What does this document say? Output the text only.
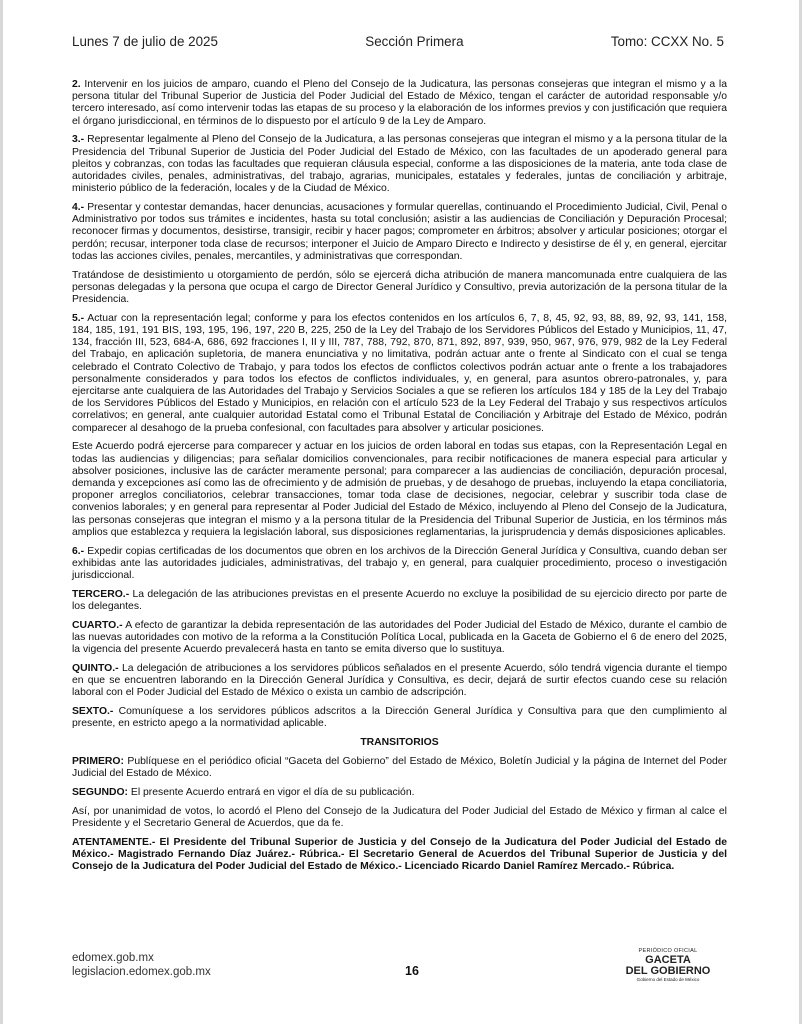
Lunes 7 de julio de 2025	Sección Primera	Tomo: CCXX No. 5

2. Intervenir en los juicios de amparo, cuando el Pleno del Consejo de la Judicatura, las personas consejeras que integran el mismo y a la persona titular del Tribunal Superior de Justicia del Poder Judicial del Estado de México, tengan el carácter de autoridad responsable y/o tercero interesado, así como intervenir todas las etapas de su proceso y la elaboración de los informes previos y con justificación que requiera el órgano jurisdiccional, en términos de lo dispuesto por el artículo 9 de la Ley de Amparo.

3.- Representar legalmente al Pleno del Consejo de la Judicatura, a las personas consejeras que integran el mismo y a la persona titular de la Presidencia del Tribunal Superior de Justicia del Poder Judicial del Estado de México, con las facultades de un apoderado general para pleitos y cobranzas, con todas las facultades que requieran cláusula especial, conforme a las disposiciones de la materia, ante toda clase de autoridades civiles, penales, administrativas, del trabajo, agrarias, municipales, estatales y federales, juntas de conciliación y arbitraje, ministerio público de la federación, locales y de la Ciudad de México.

4.- Presentar y contestar demandas, hacer denuncias, acusaciones y formular querellas, continuando el Procedimiento Judicial, Civil, Penal o Administrativo por todos sus trámites e incidentes, hasta su total conclusión; asistir a las audiencias de Conciliación y Depuración Procesal; reconocer firmas y documentos, desistirse, transigir, recibir y hacer pagos; comprometer en árbitros; absolver y articular posiciones; otorgar el perdón; recusar, interponer toda clase de recursos; interponer el Juicio de Amparo Directo e Indirecto y desistirse de él y, en general, ejercitar todas las acciones civiles, penales, mercantiles, y administrativas que correspondan.

Tratándose de desistimiento u otorgamiento de perdón, sólo se ejercerá dicha atribución de manera mancomunada entre cualquiera de las personas delegadas y la persona que ocupa el cargo de Director General Jurídico y Consultivo, previa autorización de la persona titular de la Presidencia.

5.- Actuar con la representación legal; conforme y para los efectos contenidos en los artículos 6, 7, 8, 45, 92, 93, 88, 89, 92, 93, 141, 158, 184, 185, 191, 191 BIS, 193, 195, 196, 197, 220 B, 225, 250 de la Ley del Trabajo de los Servidores Públicos del Estado y Municipios, 11, 47, 134, fracción III, 523, 684-A, 686, 692 fracciones I, II y III, 787, 788, 792, 870, 871, 892, 897, 939, 950, 967, 976, 979, 982 de la Ley Federal del Trabajo, en aplicación supletoria, de manera enunciativa y no limitativa, podrán actuar ante o frente al Sindicato con el cual se tenga celebrado el Contrato Colectivo de Trabajo, y para todos los efectos de conflictos colectivos podrán actuar ante o frente a los trabajadores personalmente considerados y para todos los efectos de conflictos individuales, y, en general, para asuntos obrero-patronales, y, para ejercitarse ante cualquiera de las Autoridades del Trabajo y Servicios Sociales a que se refieren los artículos 184 y 185 de la Ley del Trabajo de los Servidores Públicos del Estado y Municipios, en relación con el artículo 523 de la Ley Federal del Trabajo y sus respectivos artículos correlativos; en general, ante cualquier autoridad Estatal como el Tribunal Estatal de Conciliación y Arbitraje del Estado de México, podrán comparecer al desahogo de la prueba confesional, con facultades para absolver y articular posiciones.

Este Acuerdo podrá ejercerse para comparecer y actuar en los juicios de orden laboral en todas sus etapas, con la Representación Legal en todas las audiencias y diligencias; para señalar domicilios convencionales, para recibir notificaciones de manera especial para articular y absolver posiciones, inclusive las de carácter meramente personal; para comparecer a las audiencias de conciliación, depuración procesal, demanda y excepciones así como las de ofrecimiento y de admisión de pruebas, y de desahogo de pruebas, incluyendo la etapa conciliatoria, proponer arreglos conciliatorios, celebrar transacciones, tomar toda clase de decisiones, negociar, celebrar y suscribir toda clase de convenios laborales; y en general para representar al Poder Judicial del Estado de México, incluyendo al Pleno del Consejo de la Judicatura, las personas consejeras que integran el mismo y a la persona titular de la Presidencia del Tribunal Superior de Justicia, en los términos más amplios que establezca y requiera la legislación laboral, sus disposiciones reglamentarias, la jurisprudencia y demás disposiciones aplicables.

6.- Expedir copias certificadas de los documentos que obren en los archivos de la Dirección General Jurídica y Consultiva, cuando deban ser exhibidas ante las autoridades judiciales, administrativas, del trabajo y, en general, para cualquier procedimiento, proceso o investigación jurisdiccional.

TERCERO.- La delegación de las atribuciones previstas en el presente Acuerdo no excluye la posibilidad de su ejercicio directo por parte de los delegantes.

CUARTO.- A efecto de garantizar la debida representación de las autoridades del Poder Judicial del Estado de México, durante el cambio de las nuevas autoridades con motivo de la reforma a la Constitución Política Local, publicada en la Gaceta de Gobierno el 6 de enero del 2025, la vigencia del presente Acuerdo prevalecerá hasta en tanto se emita diverso que lo sustituya.

QUINTO.- La delegación de atribuciones a los servidores públicos señalados en el presente Acuerdo, sólo tendrá vigencia durante el tiempo en que se encuentren laborando en la Dirección General Jurídica y Consultiva, es decir, dejará de surtir efectos cuando cese su relación laboral con el Poder Judicial del Estado de México o exista un cambio de adscripción.

SEXTO.- Comuníquese a los servidores públicos adscritos a la Dirección General Jurídica y Consultiva para que den cumplimiento al presente, en estricto apego a la normatividad aplicable.

TRANSITORIOS

PRIMERO: Publíquese en el periódico oficial “Gaceta del Gobierno” del Estado de México, Boletín Judicial y la página de Internet del Poder Judicial del Estado de México.

SEGUNDO: El presente Acuerdo entrará en vigor el día de su publicación.

Así, por unanimidad de votos, lo acordó el Pleno del Consejo de la Judicatura del Poder Judicial del Estado de México y firman al calce el Presidente y el Secretario General de Acuerdos, que da fe.

ATENTAMENTE.- El Presidente del Tribunal Superior de Justicia y del Consejo de la Judicatura del Poder Judicial del Estado de México.- Magistrado Fernando Díaz Juárez.- Rúbrica.- El Secretario General de Acuerdos del Tribunal Superior de Justicia y del Consejo de la Judicatura del Poder Judicial del Estado de México.- Licenciado Ricardo Daniel Ramírez Mercado.- Rúbrica.

edomex.gob.mx
legislacion.edomex.gob.mx	16
PERIÓDICO OFICIAL
GACETA
DEL GOBIERNO
Gobierno del Estado de México
